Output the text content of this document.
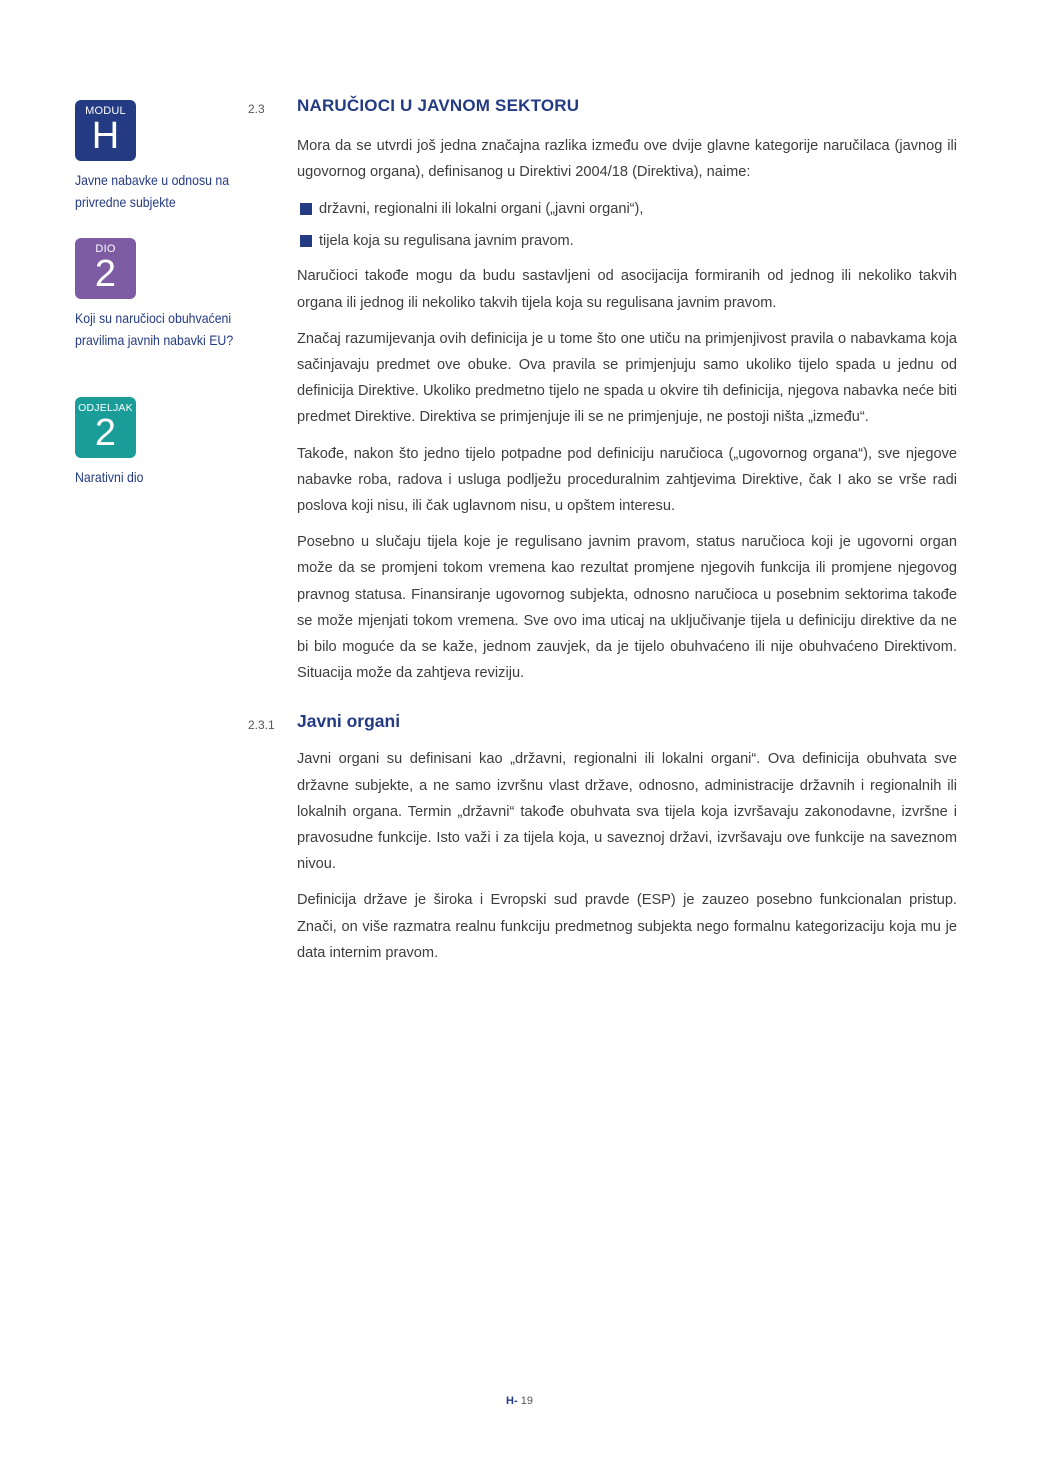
MODUL
H
Javne nabavke u odnosu na privredne subjekte
DIO
2
Koji su naručioci obuhvaćeni pravilima javnih nabavki EU?
ODJELJAK
2
Narativni dio
2.3 NARUČIOCI U JAVNOM SEKTORU

Mora da se utvrdi još jedna značajna razlika između ove dvije glavne kategorije naručilaca (javnog ili ugovornog organa), definisanog u Direktivi 2004/18 (Direktiva), naime:

državni, regionalni ili lokalni organi („javni organi“),
tijela koja su regulisana javnim pravom.

Naručioci takođe mogu da budu sastavljeni od asocijacija formiranih od jednog ili nekoliko takvih organa ili jednog ili nekoliko takvih tijela koja su regulisana javnim pravom.

Značaj razumijevanja ovih definicija je u tome što one utiču na primjenjivost pravila o nabavkama koja sačinjavaju predmet ove obuke. Ova pravila se primjenjuju samo ukoliko tijelo spada u jednu od definicija Direktive. Ukoliko predmetno tijelo ne spada u okvire tih definicija, njegova nabavka neće biti predmet Direktive. Direktiva se primjenjuje ili se ne primjenjuje, ne postoji ništa „između“.

Takođe, nakon što jedno tijelo potpadne pod definiciju naručioca („ugovornog organa“), sve njegove nabavke roba, radova i usluga podlježu proceduralnim zahtjevima Direktive, čak I ako se vrše radi poslova koji nisu, ili čak uglavnom nisu, u opštem interesu.

Posebno u slučaju tijela koje je regulisano javnim pravom, status naručioca koji je ugovorni organ može da se promjeni tokom vremena kao rezultat promjene njegovih funkcija ili promjene njegovog pravnog statusa. Finansiranje ugovornog subjekta, odnosno naručioca u posebnim sektorima takođe se može mjenjati tokom vremena. Sve ovo ima uticaj na uključivanje tijela u definiciju direktive da ne bi bilo moguće da se kaže, jednom zauvjek, da je tijelo obuhvaćeno ili nije obuhvaćeno Direktivom. Situacija može da zahtjeva reviziju.

2.3.1 Javni organi

Javni organi su definisani kao „državni, regionalni ili lokalni organi“. Ova definicija obuhvata sve državne subjekte, a ne samo izvršnu vlast države, odnosno, administracije državnih i regionalnih ili lokalnih organa. Termin „državni“ takođe obuhvata sva tijela koja izvršavaju zakonodavne, izvršne i pravosudne funkcije. Isto važi i za tijela koja, u saveznoj državi, izvršavaju ove funkcije na saveznom nivou.

Definicija države je široka i Evropski sud pravde (ESP) je zauzeo posebno funkcionalan pristup. Znači, on više razmatra realnu funkciju predmetnog subjekta nego formalnu kategorizaciju koja mu je data internim pravom.

H- 19
